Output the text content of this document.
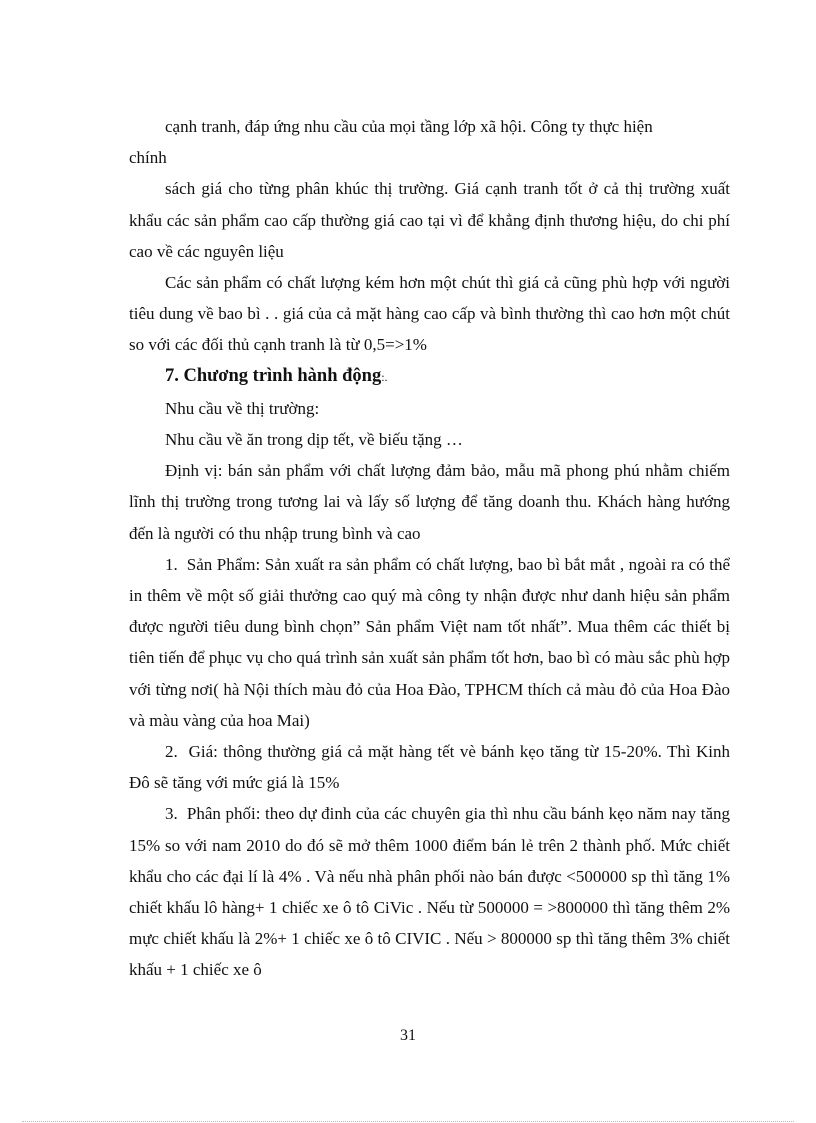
cạnh tranh, đáp ứng nhu cầu của mọi tầng lớp xã hội. Công ty thực hiện

chính

sách giá cho từng phân khúc thị trường. Giá cạnh tranh tốt ở cả thị trường xuất khẩu các sản phẩm cao cấp thường giá cao tại vì để khẳng định thương hiệu, do chi phí cao về các nguyên liệu

Các sản phẩm có chất lượng kém hơn một chút thì giá cả cũng phù hợp với người tiêu dung về bao bì . . giá của cả mặt hàng cao cấp và bình thường thì cao hơn một chút so với các đối thủ cạnh tranh là từ 0,5=>1%

7. Chương trình hành động:.

Nhu cầu về thị trường:

Nhu cầu về ăn trong dịp tết, về biếu tặng …

Định vị: bán sản phẩm với chất lượng đảm bảo, mẫu mã phong phú nhằm chiếm lĩnh thị trường trong tương lai và lấy số lượng để tăng doanh thu. Khách hàng hướng đến là người có thu nhập trung bình và cao

1. Sản Phẩm: Sản xuất ra sản phẩm có chất lượng, bao bì bắt mắt , ngoài ra có thể in thêm về một số giải thưởng cao quý mà công ty nhận được như danh hiệu sản phẩm được người tiêu dung bình chọn” Sản phẩm Việt nam tốt nhất”. Mua thêm các thiết bị tiên tiến để phục vụ cho quá trình sản xuất sản phẩm tốt hơn, bao bì có màu sắc phù hợp với từng nơi( hà Nội thích màu đỏ của Hoa Đào, TPHCM thích cả màu đỏ của Hoa Đào và màu vàng của hoa Mai)

2. Giá: thông thường giá cả mặt hàng tết vè bánh kẹo tăng từ 15-20%. Thì Kinh Đô sẽ tăng với mức giá là 15%

3. Phân phối: theo dự đinh của các chuyên gia thì nhu cầu bánh kẹo năm nay tăng 15% so với nam 2010 do đó sẽ mở thêm 1000 điểm bán lẻ trên 2 thành phố. Mức chiết khẩu cho các đại lí là 4% . Và nếu nhà phân phối nào bán được <500000 sp thì tăng 1% chiết khấu lô hàng+ 1 chiếc xe ô tô CiVic . Nếu từ 500000 = >800000 thì tăng thêm 2% mực chiết khấu là 2%+ 1 chiếc xe ô tô CIVIC . Nếu > 800000 sp thì tăng thêm 3% chiết khấu + 1 chiếc xe ô

31
